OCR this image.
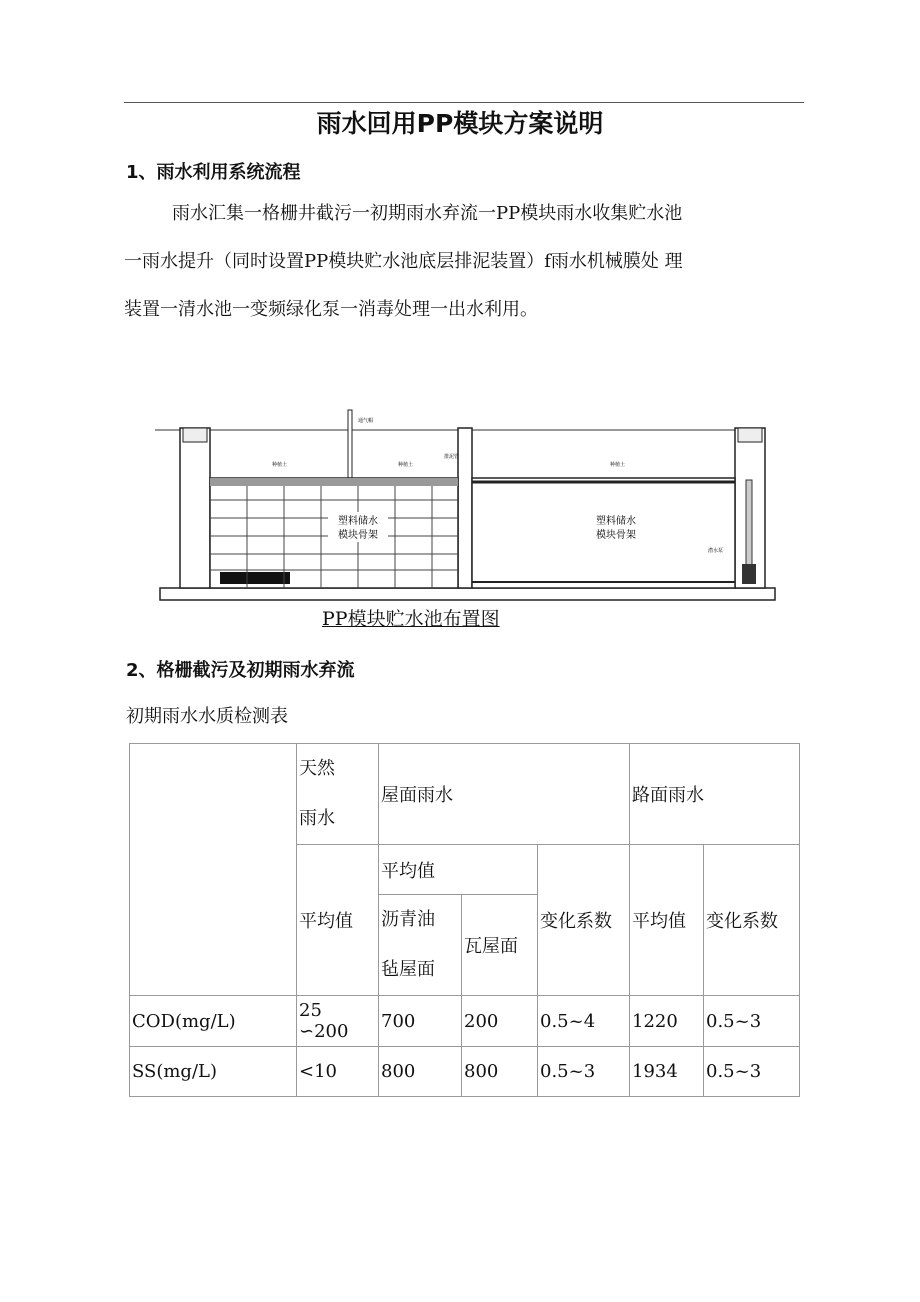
雨水回用PP模块方案说明
1、雨水利用系统流程

雨水汇集一格栅井截污一初期雨水弃流一PP模块雨水收集贮水池

一雨水提升（同时设置PP模块贮水池底层排泥装置）f雨水机械膜处 理

装置一清水池一变频绿化泵一消毒处理一出水利用。

塑料储水
模块骨架
塑料储水
模块骨架
通气帽
种植土	种植土	种植土
排泥管
潜水泵
PP模块贮水池布置图
2、格栅截污及初期雨水弃流
初期雨水水质检测表

	天然雨水	屋面雨水			路面雨水	
	平均值	平均值		变化系数	平均值	变化系数

		沥青油毡屋面	瓦屋面			
COD(mg/L)	25 ∽200	700	200	0.5~4	1220	0.5~3
SS(mg/L)	<10	800	800	0.5~3	1934	0.5~3
